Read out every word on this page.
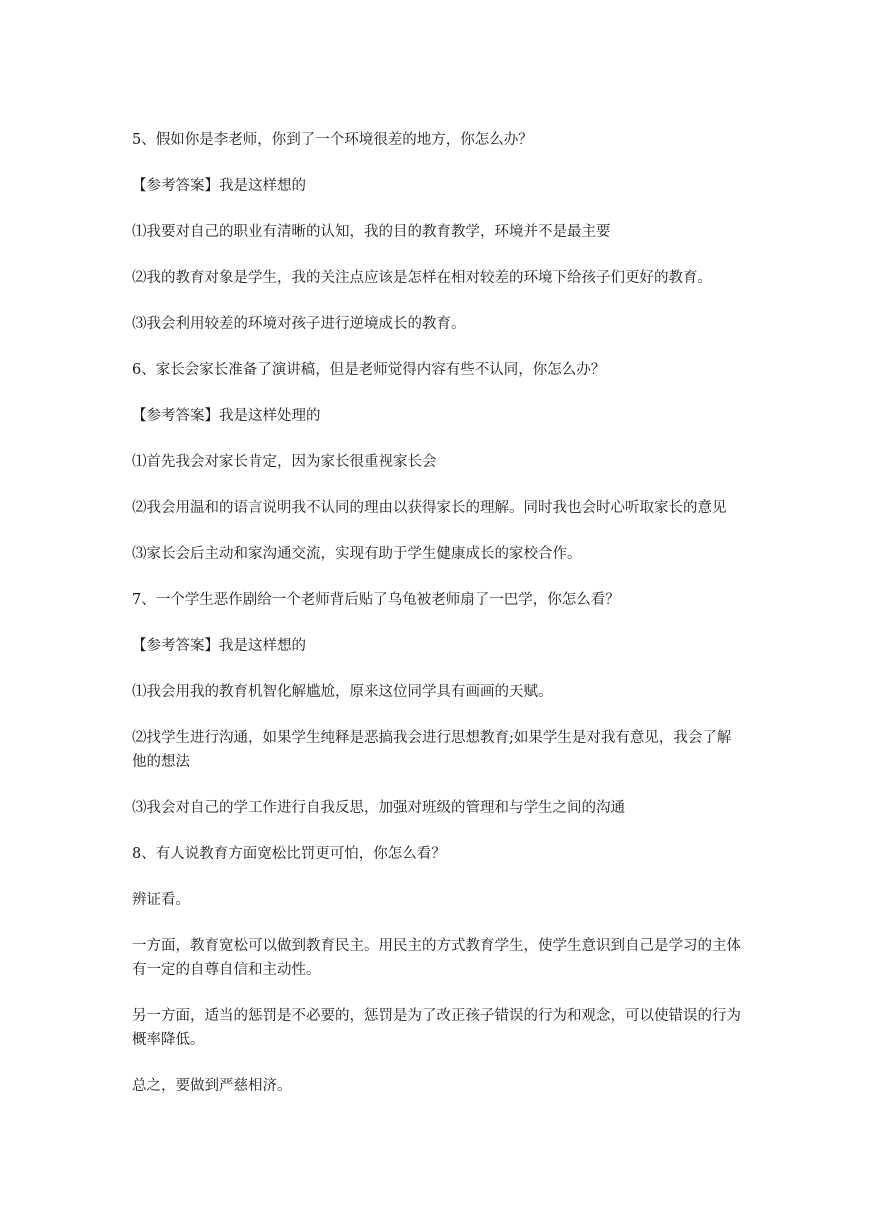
5、假如你是李老师，你到了一个环境很差的地方，你怎么办？

【参考答案】我是这样想的

⑴我要对自己的职业有清晰的认知，我的目的教育教学，环境并不是最主要

⑵我的教育对象是学生，我的关注点应该是怎样在相对较差的环境下给孩子们更好的教育。

⑶我会利用较差的环境对孩子进行逆境成长的教育。

6、家长会家长准备了演讲稿，但是老师觉得内容有些不认同，你怎么办？

【参考答案】我是这样处理的

⑴首先我会对家长肯定，因为家长很重视家长会

⑵我会用温和的语言说明我不认同的理由以获得家长的理解。同时我也会时心听取家长的意见

⑶家长会后主动和家沟通交流，实现有助于学生健康成长的家校合作。

7、一个学生恶作剧给一个老师背后贴了乌龟被老师扇了一巴学，你怎么看？

【参考答案】我是这样想的

⑴我会用我的教育机智化解尴尬，原来这位同学具有画画的天赋。

⑵找学生进行沟通，如果学生纯释是恶搞我会进行思想教育;如果学生是对我有意见，我会了解他的想法

⑶我会对自己的学工作进行自我反思，加强对班级的管理和与学生之间的沟通

8、有人说教育方面宽松比罚更可怕，你怎么看？

辨证看。

一方面，教育宽松可以做到教育民主。用民主的方式教育学生，使学生意识到自己是学习的主体有一定的自尊自信和主动性。

另一方面，适当的惩罚是不必要的，惩罚是为了改正孩子错误的行为和观念，可以使错误的行为概率降低。

总之，要做到严慈相济。
